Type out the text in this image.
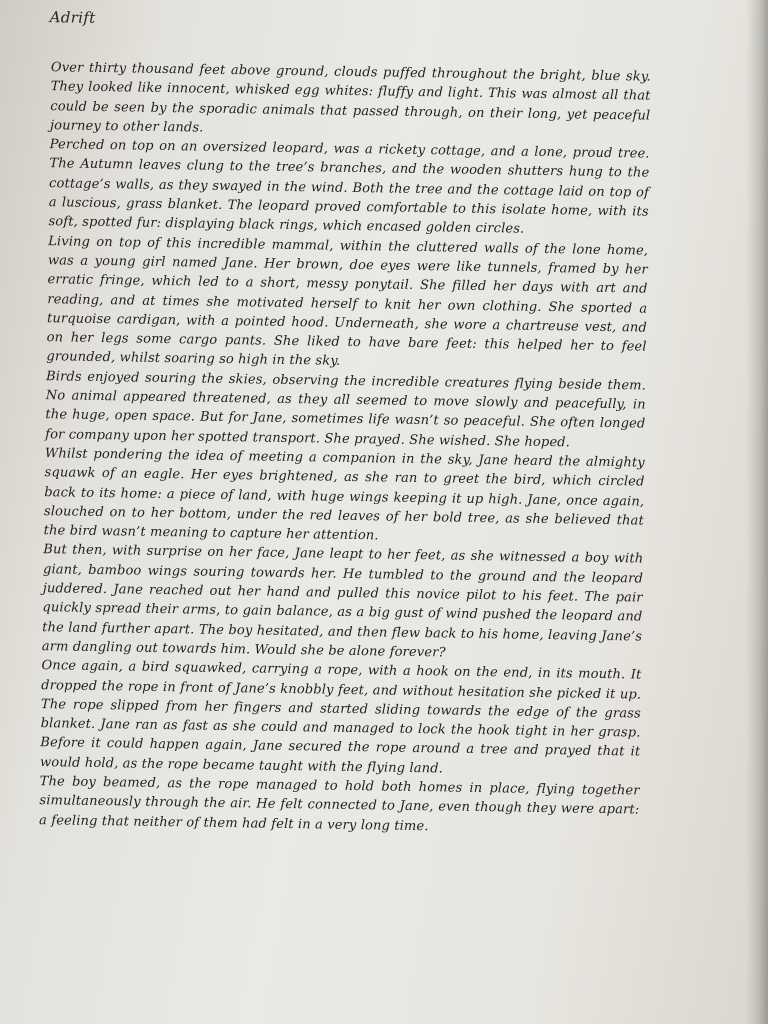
Adrift

Over thirty thousand feet above ground, clouds puffed throughout the bright, blue sky. They looked like innocent, whisked egg whites: fluffy and light. This was almost all that could be seen by the sporadic animals that passed through, on their long, yet peaceful journey to other lands.

Perched on top on an oversized leopard, was a rickety cottage, and a lone, proud tree. The Autumn leaves clung to the tree’s branches, and the wooden shutters hung to the cottage’s walls, as they swayed in the wind. Both the tree and the cottage laid on top of a luscious, grass blanket. The leopard proved comfortable to this isolate home, with its soft, spotted fur: displaying black rings, which encased golden circles.

Living on top of this incredible mammal, within the cluttered walls of the lone home, was a young girl named Jane. Her brown, doe eyes were like tunnels, framed by her erratic fringe, which led to a short, messy ponytail. She filled her days with art and reading, and at times she motivated herself to knit her own clothing. She sported a turquoise cardigan, with a pointed hood. Underneath, she wore a chartreuse vest, and on her legs some cargo pants. She liked to have bare feet: this helped her to feel grounded, whilst soaring so high in the sky.

Birds enjoyed souring the skies, observing the incredible creatures flying beside them. No animal appeared threatened, as they all seemed to move slowly and peacefully, in the huge, open space. But for Jane, sometimes life wasn’t so peaceful. She often longed for company upon her spotted transport. She prayed. She wished. She hoped.

Whilst pondering the idea of meeting a companion in the sky, Jane heard the almighty squawk of an eagle. Her eyes brightened, as she ran to greet the bird, which circled back to its home: a piece of land, with huge wings keeping it up high. Jane, once again, slouched on to her bottom, under the red leaves of her bold tree, as she believed that the bird wasn’t meaning to capture her attention.

But then, with surprise on her face, Jane leapt to her feet, as she witnessed a boy with giant, bamboo wings souring towards her. He tumbled to the ground and the leopard juddered. Jane reached out her hand and pulled this novice pilot to his feet. The pair quickly spread their arms, to gain balance, as a big gust of wind pushed the leopard and the land further apart. The boy hesitated, and then flew back to his home, leaving Jane’s arm dangling out towards him. Would she be alone forever?

Once again, a bird squawked, carrying a rope, with a hook on the end, in its mouth. It dropped the rope in front of Jane’s knobbly feet, and without hesitation she picked it up. The rope slipped from her fingers and started sliding towards the edge of the grass blanket. Jane ran as fast as she could and managed to lock the hook tight in her grasp. Before it could happen again, Jane secured the rope around a tree and prayed that it would hold, as the rope became taught with the flying land.

The boy beamed, as the rope managed to hold both homes in place, flying together simultaneously through the air. He felt connected to Jane, even though they were apart: a feeling that neither of them had felt in a very long time.
